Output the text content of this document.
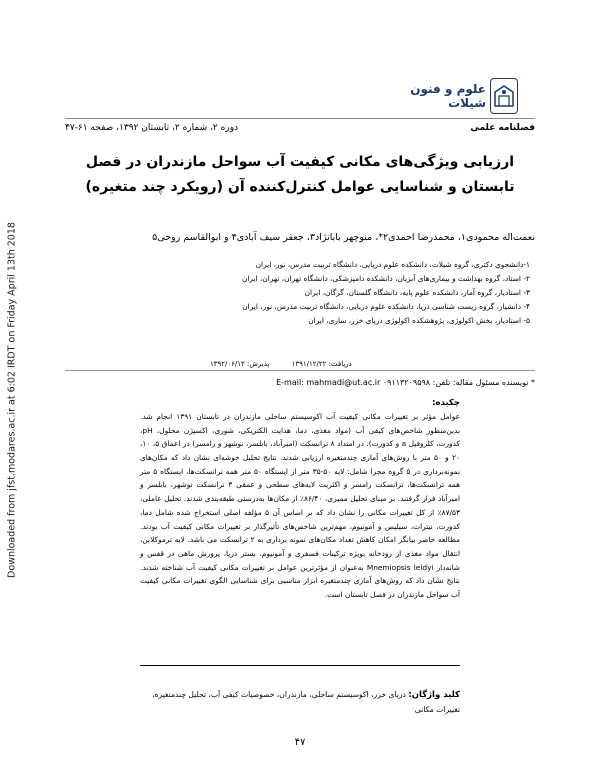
Downloaded from jfst.modares.ac.ir at 6:02 IRDT on Friday April 13th 2018
علوم و فنون شیلات
فصلنامه علمی
دوره ۲، شماره ۲، تابستان ۱۳۹۲، صفحه ۶۱-۴۷
ارزیابی ویژگی‌های مکانی کیفیت آب سواحل مازندران در فصل تابستان و شناسایی عوامل کنترل‌کننده آن (رویکرد چند متغیره)
نعمت‌اله محمودی۱، محمدرضا احمدی۲*، منوچهر باباتژاد۳، جعفر سیف آبادی۴ و ابوالقاسم روحی۵
۱-دانشجوی دکتری، گروه شیلات، دانشکده علوم دریایی، دانشگاه تربیت مدرس، نور، ایران
۲- استاد، گروه بهداشت و بیماری‌های آبزیان، دانشکده دامپزشکی، دانشگاه تهران، تهران، ایران
۳- استادیار، گروه آمار، دانشکده علوم پایه، دانشگاه گلستان، گرگان، ایران
۴- دانشیار، گروه زیست شناسی دریا، دانشکده علوم دریایی، دانشگاه تربیت مدرس، نور، ایران
۵- استادیار، بخش اکولوژی، پژوهشکده اکولوژی دریای خزر، ساری، ایران
دریافت: ۱۳۹۱/۱۲/۲۲ پذیرش: ۱۳۹۲/۰۶/۱۲
* نویسنده مسئول مقاله: تلفن: ۰۹۱۱۳۲۰۹۵۹۸ E-mail: mahmadi@ut.ac.ir
چکیده:
عوامل مؤثر بر تغییرات مکانی کیفیت آب اکوسیستم ساحلی مازندران در تابستان ۱۳۹۱ انجام شد. بدین‌منظور شاخص‌های کیفی آب (مواد مغذی، دما، هدایت الکتریکی، شوری، اکسیژن محلول، pH، کدورت، کلروفیل a و کدورت)، در امتداد ۸ ترانسکت (امیرآباد، بابلسر، نوشهر و رامسر) در اعماق ۵، ۱۰، ۲۰ و ۵۰ متر با روش‌های آماری چندمتغیره ارزیابی شدند. نتایج تحلیل خوشه‌ای نشان داد که مکان‌های نمونه‌برداری در ۵ گروه مجزا شامل: لایه ۵۰-۳۵ متر از ایستگاه ۵۰ متر همه ترانسکت‌ها، ایستگاه ۵ متر همه ترانسکت‌ها، ترانسکت رامسر و اکثریت لایه‌های سطحی و عمقی ۳ ترانسکت نوشهر، بابلسر و امیرآباد قرار گرفتند. بر مبنای تحلیل ممیزی، ۸۶/۴۰٪ از مکان‌ها به‌درستی طبقه‌بندی شدند. تحلیل عاملی، ۸۷/۵۳٪ از کل تغییرات مکانی را نشان داد که بر اساس آن ۵ مؤلفه اصلی استخراج شده شامل دما، کدورت، نیترات، سیلیس و آمونیوم، مهم‌ترین شاخص‌های تأثیرگذار بر تغییرات مکانی کیفیت آب بودند. مطالعه حاضر بیانگر امکان کاهش تعداد مکان‌های نمونه برداری به ۲ ترانسکت می باشد. لایه ترموکلاین، انتقال مواد مغذی از رودخانه بویژه ترکیبات فسفری و آمونیوم، بستر دریا، پرورش ماهی در قفس و شانه‌دار Mnemiopsis leidyi به‌عنوان از مؤثرترین عوامل بر تغییرات مکانی کیفیت آب شناخته شدند. نتایج نشان داد که روش‌های آماری چندمتغیره ابزار مناسبی برای شناسایی الگوی تغییرات مکانی کیفیت آب سواحل مازندران در فصل تابستان است.
کلید واژگان: دریای خزر، اکوسیستم ساحلی، مازندران، خصوصیات کیفی آب، تحلیل چندمتغیره، تغییرات مکانی
۴۷
